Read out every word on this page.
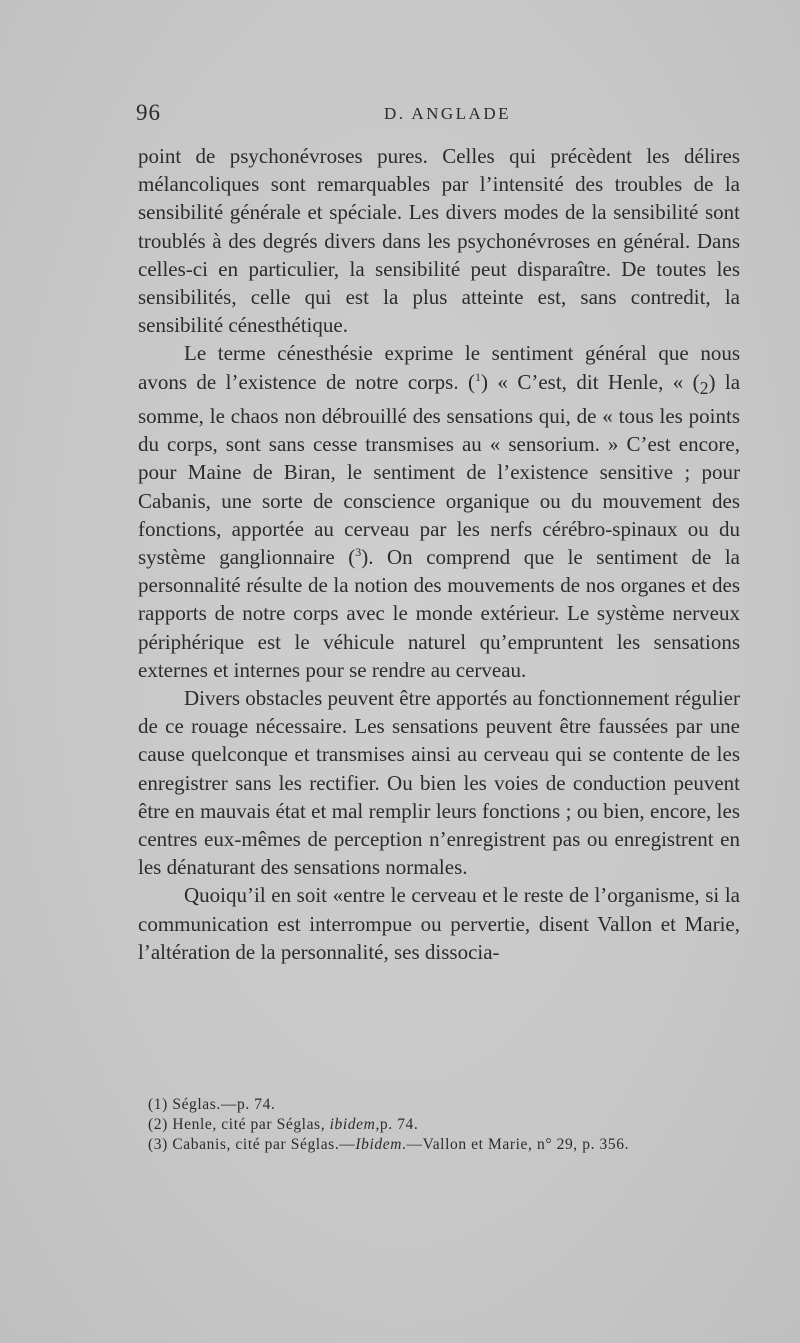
96	D. ANGLADE

point de psychonévroses pures. Celles qui précèdent les délires mélancoliques sont remarquables par l’intensité des troubles de la sensibilité générale et spéciale. Les divers modes de la sensibilité sont troublés à des degrés divers dans les psychonévroses en général. Dans celles-ci en particulier, la sensibilité peut disparaître. De toutes les sensibilités, celle qui est la plus atteinte est, sans contredit, la sensibilité cénesthétique.

Le terme cénesthésie exprime le sentiment général que nous avons de l’existence de notre corps. ($^1$) « C’est, dit Henle, « $(_2)$ la somme, le chaos non débrouillé des sensations qui, de « tous les points du corps, sont sans cesse transmises au « sensorium. » C’est encore, pour Maine de Biran, le sentiment de l’existence sensitive ; pour Cabanis, une sorte de conscience organique ou du mouvement des fonctions, apportée au cerveau par les nerfs cérébro-spinaux ou du système ganglionnaire ($^3$). On comprend que le sentiment de la personnalité résulte de la notion des mouvements de nos organes et des rapports de notre corps avec le monde extérieur. Le système nerveux périphérique est le véhicule naturel qu’empruntent les sensations externes et internes pour se rendre au cerveau.

Divers obstacles peuvent être apportés au fonctionnement régulier de ce rouage nécessaire. Les sensations peuvent être faussées par une cause quelconque et transmises ainsi au cerveau qui se contente de les enregistrer sans les rectifier. Ou bien les voies de conduction peuvent être en mauvais état et mal remplir leurs fonctions ; ou bien, encore, les centres eux-mêmes de perception n’enregistrent pas ou enregistrent en les dénaturant des sensations normales.

Quoiqu’il en soit «entre le cerveau et le reste de l’organisme, si la communication est interrompue ou pervertie, disent Vallon et Marie, l’altération de la personnalité, ses dissocia-

(1) Séglas.—p. 74.
(2) Henle, cité par Séglas, ibidem,p. 74.
(3) Cabanis, cité par Séglas.—Ibidem.—Vallon et Marie, n° 29, p. 356.
